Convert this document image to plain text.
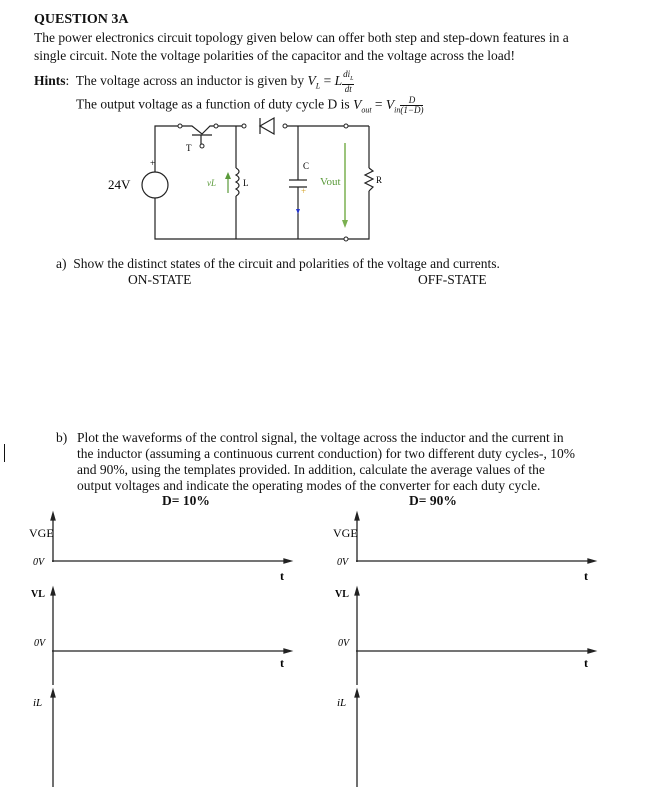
QUESTION 3A
The power electronics circuit topology given below can offer both step and step-down features in a
single circuit. Note the voltage polarities of the capacitor and the voltage across the load!
Hints:  The voltage across an inductor is given by $V_L = L \frac{di_L}{dt}$
The output voltage as a function of duty cycle D is $V_{out} = V_{in} \frac{D}{(1-D)}$
24V
+
T
vL	L
C
+
Vout	R
VGE
0V
t
VL
0V
t
iL
VGE
0V
t
VL
0V
t
iL
a) Show the distinct states of the circuit and polarities of the voltage and currents.
ON-STATE	OFF-STATE
b) Plot the waveforms of the control signal, the voltage across the inductor and the current in
the inductor (assuming a continuous current conduction) for two different duty cycles-, 10%
and 90%, using the templates provided. In addition, calculate the average values of the
output voltages and indicate the operating modes of the converter for each duty cycle.
D= 10%	D= 90%
